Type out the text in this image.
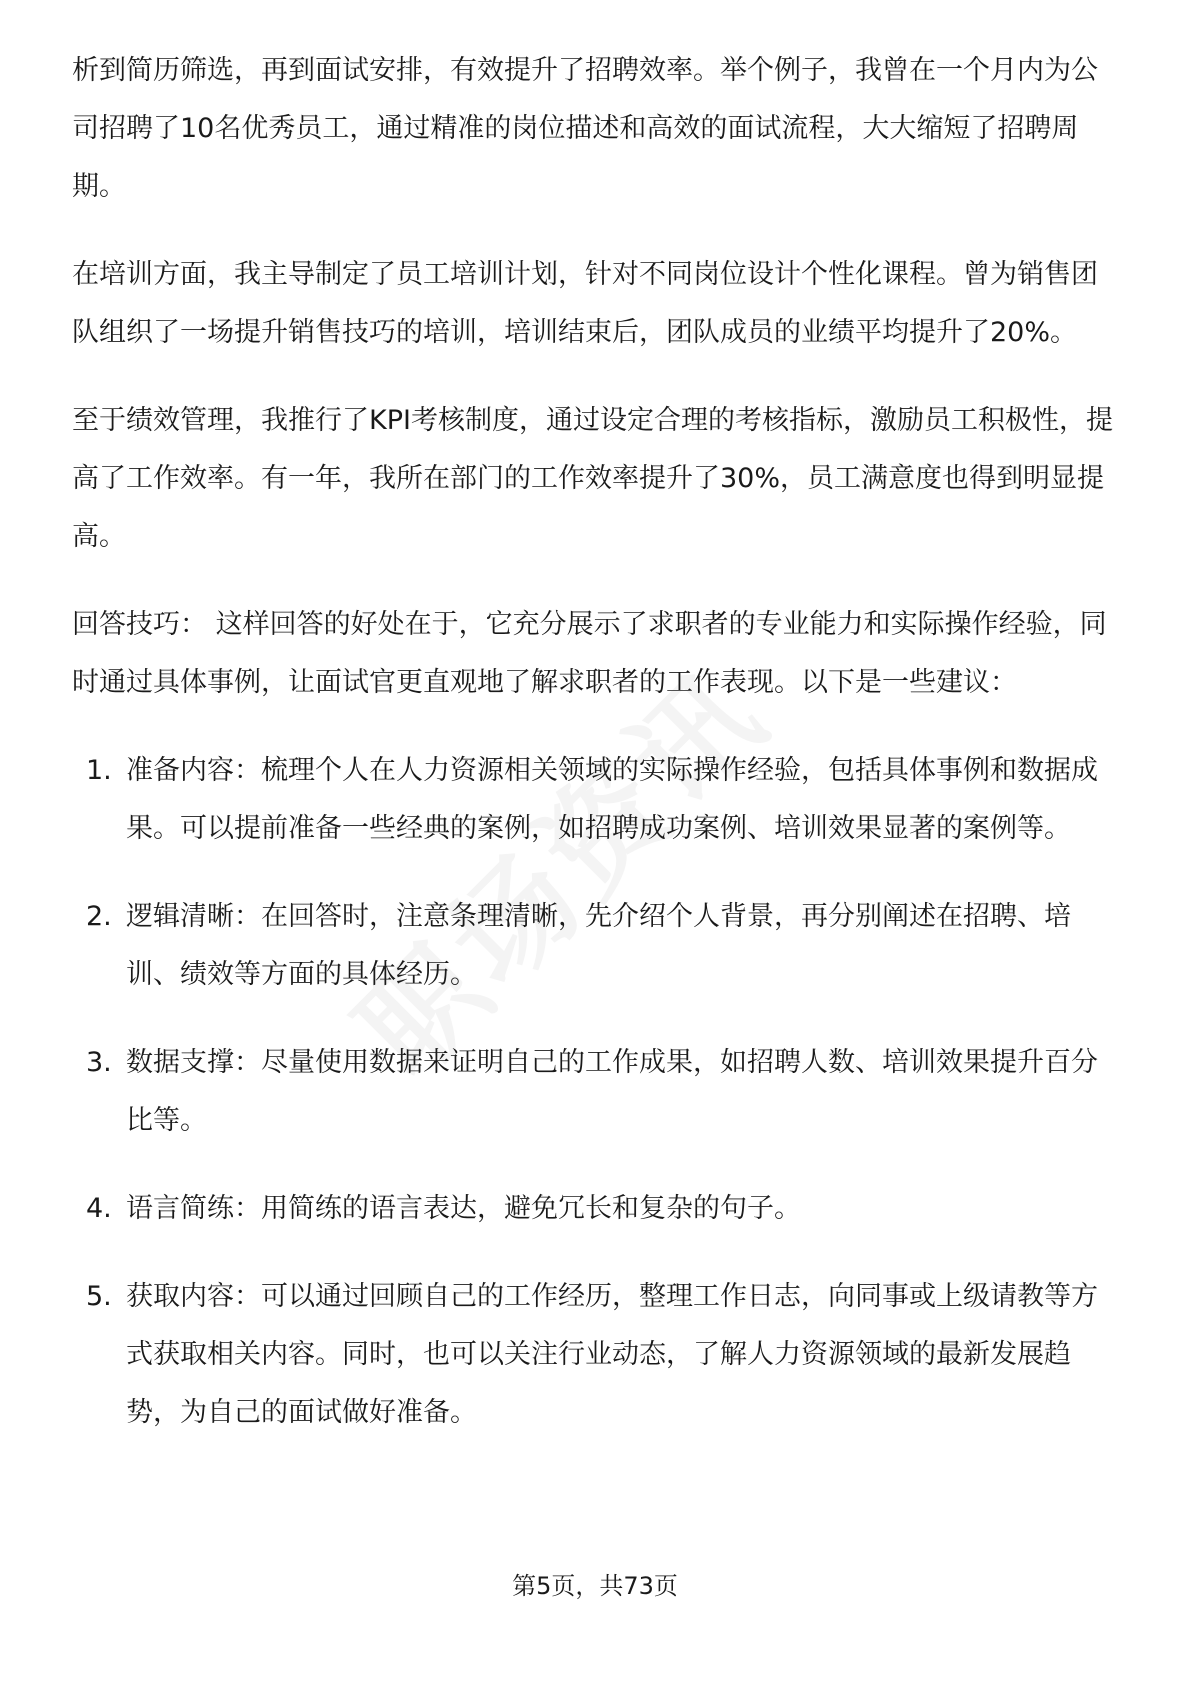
析到简历筛选，再到面试安排，有效提升了招聘效率。举个例子，我曾在一个月内为公司招聘了10名优秀员工，通过精准的岗位描述和高效的面试流程，大大缩短了招聘周期。

在培训方面，我主导制定了员工培训计划，针对不同岗位设计个性化课程。曾为销售团队组织了一场提升销售技巧的培训，培训结束后，团队成员的业绩平均提升了20%。

至于绩效管理，我推行了KPI考核制度，通过设定合理的考核指标，激励员工积极性，提高了工作效率。有一年，我所在部门的工作效率提升了30%，员工满意度也得到明显提高。

回答技巧： 这样回答的好处在于，它充分展示了求职者的专业能力和实际操作经验，同时通过具体事例，让面试官更直观地了解求职者的工作表现。以下是一些建议：

1. 准备内容：梳理个人在人力资源相关领域的实际操作经验，包括具体事例和数据成果。可以提前准备一些经典的案例，如招聘成功案例、培训效果显著的案例等。
2. 逻辑清晰：在回答时，注意条理清晰，先介绍个人背景，再分别阐述在招聘、培训、绩效等方面的具体经历。
3. 数据支撑：尽量使用数据来证明自己的工作成果，如招聘人数、培训效果提升百分比等。
4. 语言简练：用简练的语言表达，避免冗长和复杂的句子。
5. 获取内容：可以通过回顾自己的工作经历，整理工作日志，向同事或上级请教等方式获取相关内容。同时，也可以关注行业动态，了解人力资源领域的最新发展趋势，为自己的面试做好准备。
第5页，共73页
